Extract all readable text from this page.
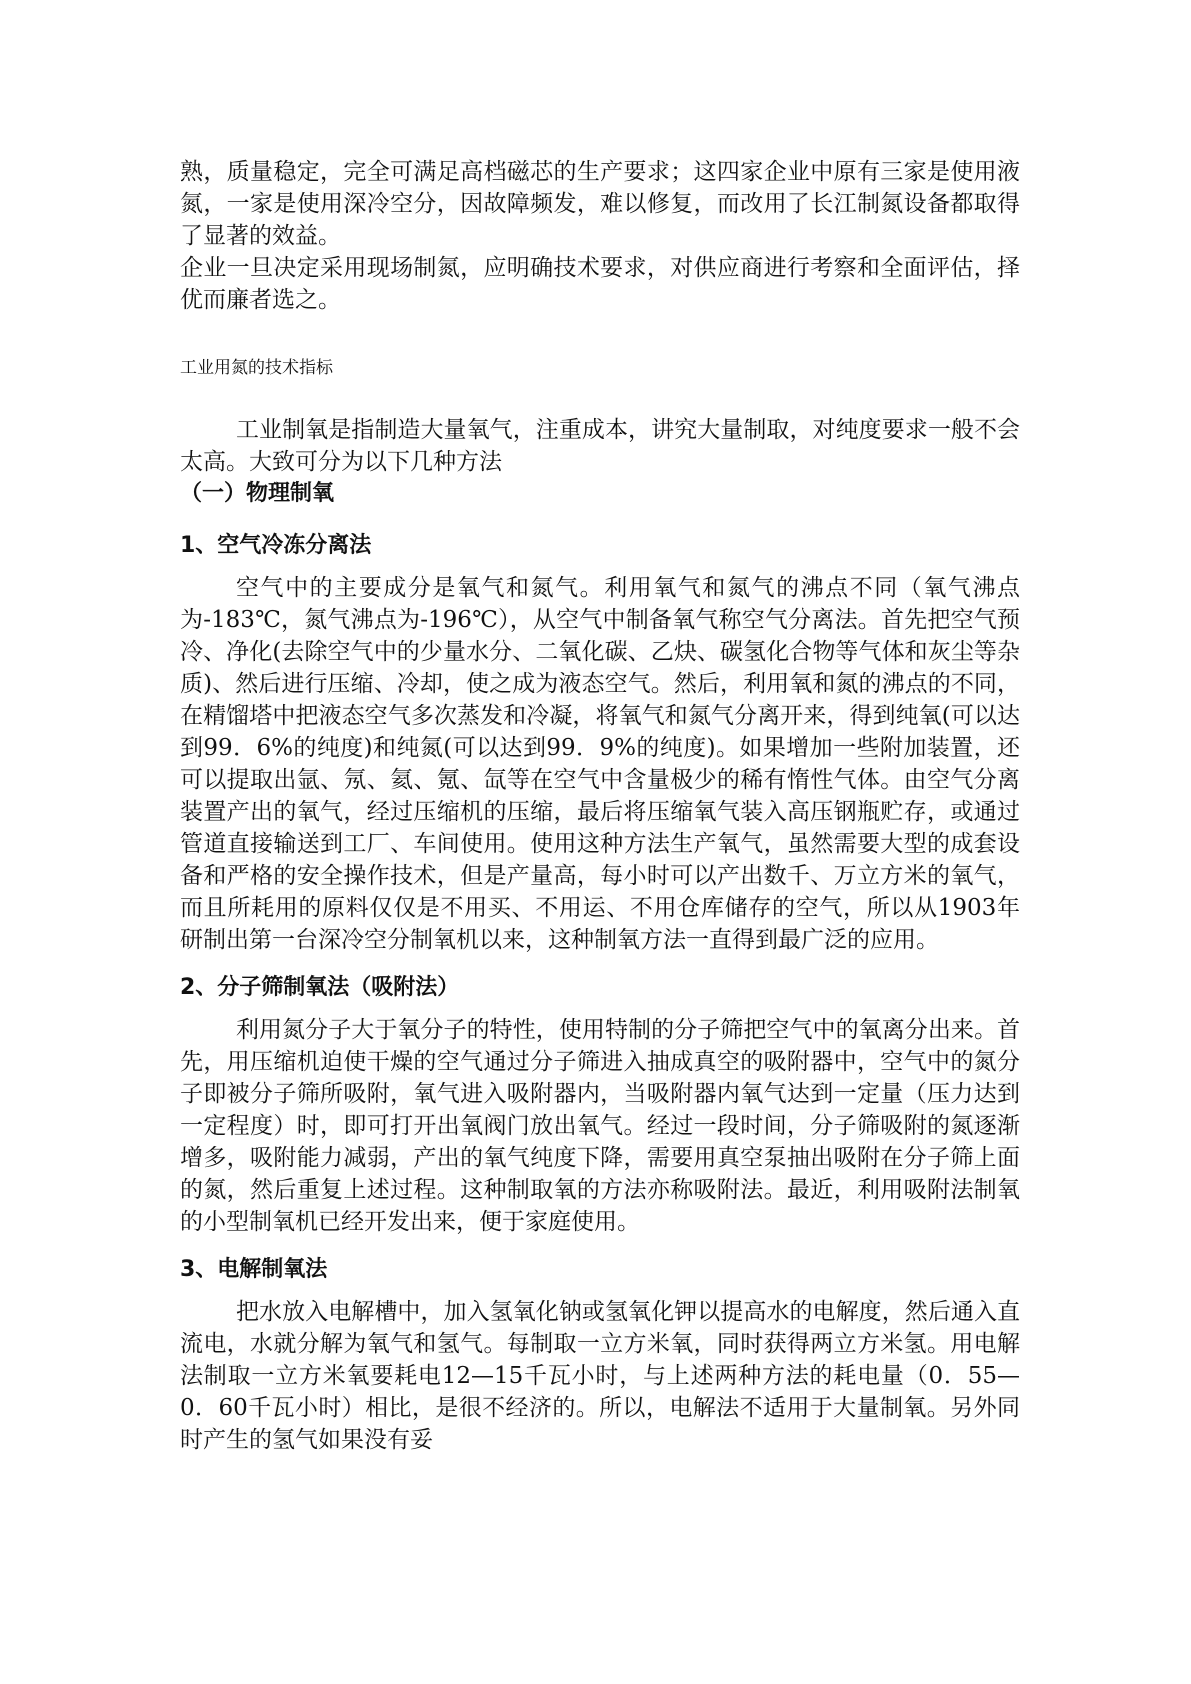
熟，质量稳定，完全可满足高档磁芯的生产要求；这四家企业中原有三家是使用液氮，一家是使用深冷空分，因故障频发，难以修复，而改用了长江制氮设备都取得了显著的效益。

企业一旦决定采用现场制氮，应明确技术要求，对供应商进行考察和全面评估，择优而廉者选之。

工业用氮的技术指标

工业制氧是指制造大量氧气，注重成本，讲究大量制取，对纯度要求一般不会太高。大致可分为以下几种方法

（一）物理制氧
1、空气冷冻分离法

空气中的主要成分是氧气和氮气。利用氧气和氮气的沸点不同（氧气沸点为-183℃，氮气沸点为-196℃），从空气中制备氧气称空气分离法。首先把空气预冷、净化(去除空气中的少量水分、二氧化碳、乙炔、碳氢化合物等气体和灰尘等杂质)、然后进行压缩、冷却，使之成为液态空气。然后，利用氧和氮的沸点的不同，在精馏塔中把液态空气多次蒸发和冷凝，将氧气和氮气分离开来，得到纯氧(可以达到99．6%的纯度)和纯氮(可以达到99．9%的纯度)。如果增加一些附加装置，还可以提取出氩、氖、氦、氪、氙等在空气中含量极少的稀有惰性气体。由空气分离装置产出的氧气，经过压缩机的压缩，最后将压缩氧气装入高压钢瓶贮存，或通过管道直接输送到工厂、车间使用。使用这种方法生产氧气，虽然需要大型的成套设备和严格的安全操作技术，但是产量高，每小时可以产出数千、万立方米的氧气，而且所耗用的原料仅仅是不用买、不用运、不用仓库储存的空气，所以从1903年研制出第一台深冷空分制氧机以来，这种制氧方法一直得到最广泛的应用。

2、分子筛制氧法（吸附法）

利用氮分子大于氧分子的特性，使用特制的分子筛把空气中的氧离分出来。首先，用压缩机迫使干燥的空气通过分子筛进入抽成真空的吸附器中，空气中的氮分子即被分子筛所吸附，氧气进入吸附器内，当吸附器内氧气达到一定量（压力达到一定程度）时，即可打开出氧阀门放出氧气。经过一段时间，分子筛吸附的氮逐渐增多，吸附能力减弱，产出的氧气纯度下降，需要用真空泵抽出吸附在分子筛上面的氮，然后重复上述过程。这种制取氧的方法亦称吸附法。最近，利用吸附法制氧的小型制氧机已经开发出来，便于家庭使用。

3、电解制氧法

把水放入电解槽中，加入氢氧化钠或氢氧化钾以提高水的电解度，然后通入直流电，水就分解为氧气和氢气。每制取一立方米氧，同时获得两立方米氢。用电解法制取一立方米氧要耗电12—15千瓦小时，与上述两种方法的耗电量（0．55—0．60千瓦小时）相比，是很不经济的。所以，电解法不适用于大量制氧。另外同时产生的氢气如果没有妥
